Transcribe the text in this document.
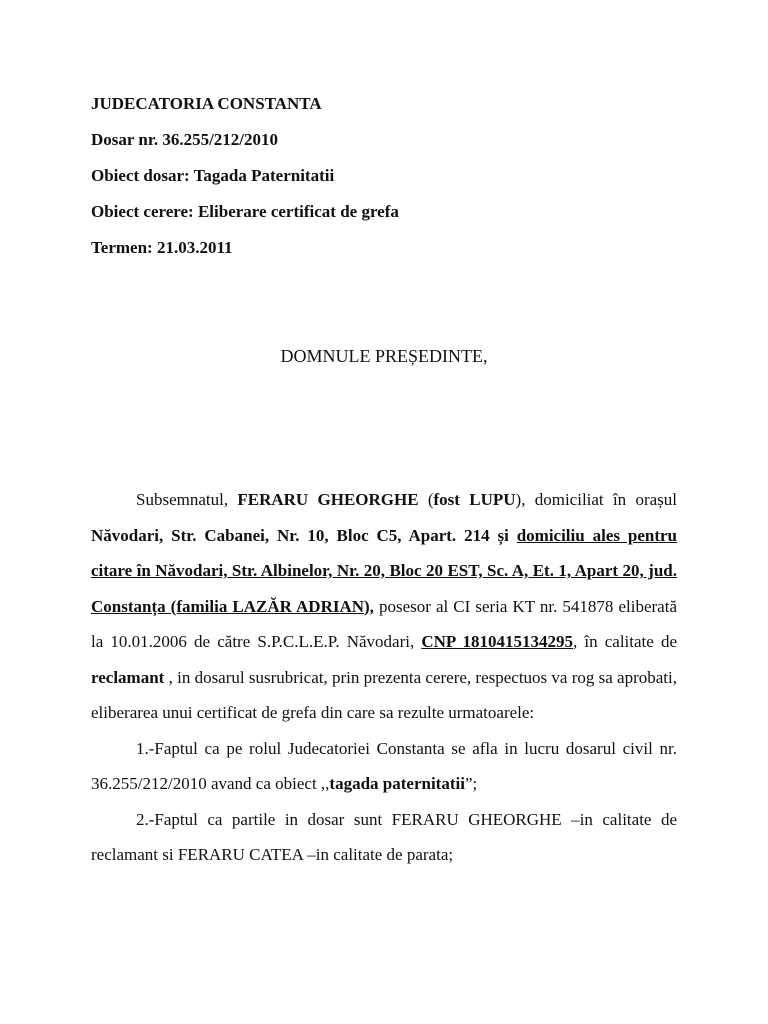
JUDECATORIA CONSTANTA
Dosar nr. 36.255/212/2010
Obiect dosar: Tagada Paternitatii
Obiect cerere: Eliberare certificat de grefa
Termen: 21.03.2011
DOMNULE PREȘEDINTE,

Subsemnatul, FERARU GHEORGHE (fost LUPU), domiciliat în orașul Năvodari, Str. Cabanei, Nr. 10, Bloc C5, Apart. 214 și domiciliu ales pentru citare în Năvodari, Str. Albinelor, Nr. 20, Bloc 20 EST, Sc. A, Et. 1, Apart 20, jud. Constanța (familia LAZĂR ADRIAN), posesor al CI seria KT nr. 541878 eliberată la 10.01.2006 de către S.P.C.L.E.P. Năvodari, CNP 1810415134295, în calitate de reclamant , in dosarul susrubricat, prin prezenta cerere, respectuos va rog sa aprobati, eliberarea unui certificat de grefa din care sa rezulte urmatoarele:

1.-Faptul ca pe rolul Judecatoriei Constanta se afla in lucru dosarul civil nr. 36.255/212/2010 avand ca obiect ,,tagada paternitatii”;

2.-Faptul ca partile in dosar sunt FERARU GHEORGHE –in calitate de reclamant si FERARU CATEA –in calitate de parata;
